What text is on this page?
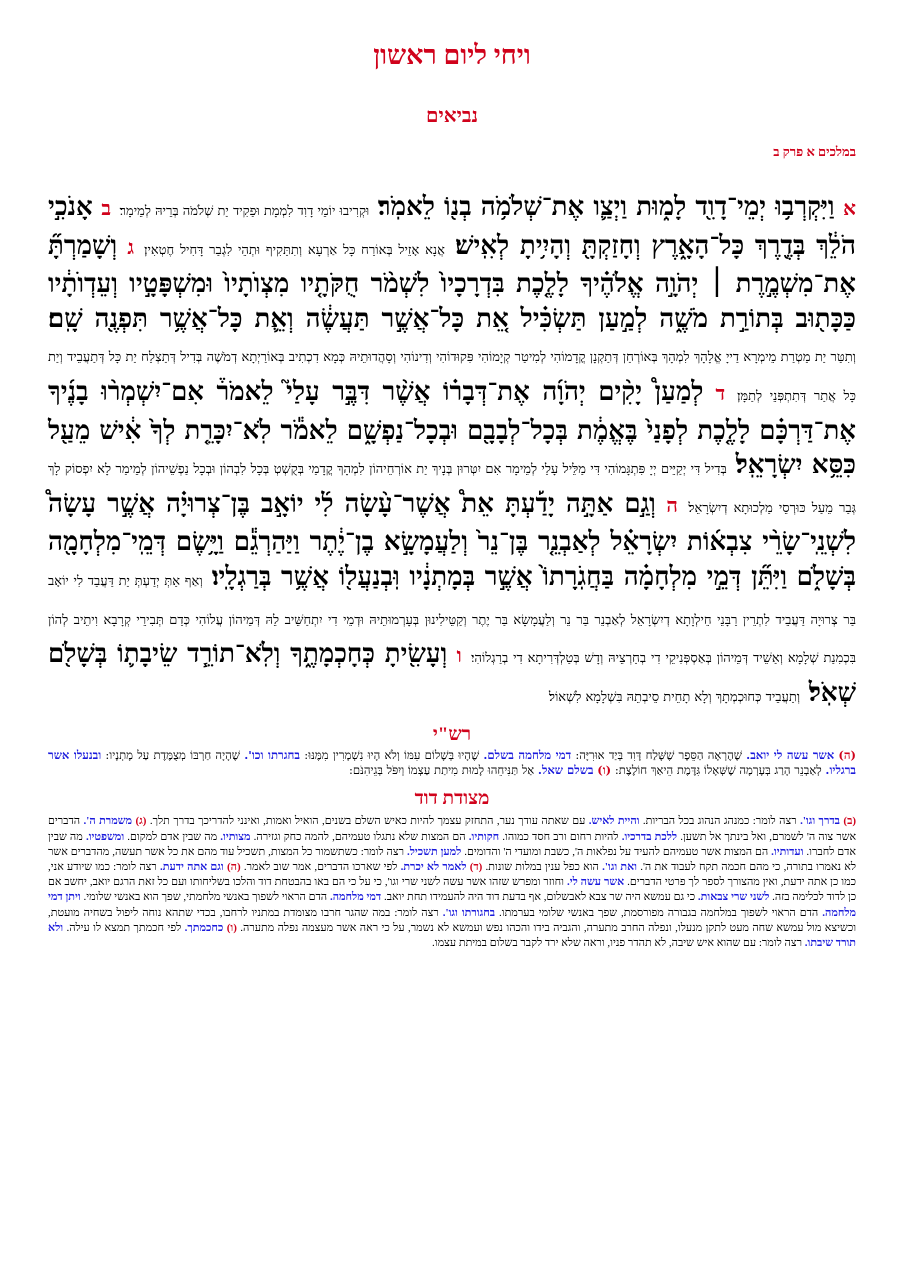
ויחי ליום ראשון
נביאים
במלכים א פרק ב
א וַיִּקְרְב֥וּ יְמֵי־דָוִ֖ד לָמ֑וּת וַיְצַ֛ו אֶת־שְׁלֹמֹ֥ה בְנ֖וֹ לֵאמֹֽר׃ וּקְרִיבוּ יוֹמֵי דָוִד לִמְמָת וּפַקִיד יַת שְׁלֹמֹה בְּרֵיהּ לְמֵימָר׃ ב אָנֹכִ֣י הֹלֵ֔ךְ בְּדֶ֖רֶךְ כָּל־הָאָ֑רֶץ וְחָזַקְתָּ֖ וְהָיִ֥יתָ לְאִֽישׁ׃ אֲנָא אָזֵיל בְּאוֹרַח כָּל אַרְעָא וְתִתַּקִיף וּתְהֵי לִגְבַר דָּחִיל חֶטְאִין׃ ג וְשָׁמַרְתָּ֞ אֶת־מִשְׁמֶ֣רֶת ׀ יְהֹוָ֣ה אֱלֹהֶ֗יךָ לָלֶ֤כֶת בִּדְרָכָיו֙ לִשְׁמֹ֨ר חֻקֹּתָ֤יו מִצְוֺתָיו֙ וּמִשְׁפָּטָ֣יו וְעֵדְוֺתָ֔יו כַּכָּת֖וּב בְּתוֹרַ֣ת מֹשֶׁ֑ה לְמַ֣עַן תַּשְׂכִּ֗יל אֵ֚ת כָּל־אֲשֶׁ֣ר תַּעֲשֶׂ֔ה וְאֵ֛ת כָּל־אֲשֶׁ֥ר תִּפְנֶ֖ה שָֽׁם׃ וְתִטַּר יַת מַטְרַת מֵימְרָא דַייָ אֱלָהָךְ לִמְהָךְ בְּאוֹרְחַן דְּתַקְנָן קֳדָמוֹהִי לְמִיטַר קְיָמוֹהִי פִּקוּדוֹהִי וְדִינוֹהִי וְסָהֲדוּתֵיהּ כְּמָא דִכְתִיב בְּאוֹרַיְתָא דְמֹשֶׁה בְּדִיל דְּתַצְלַח יַת כָּל דְּתַעֲבֵיד וְיַת כָּל אֲתַר דְּתִתְפְּנֵי לְתַמָּן׃ ד לְמַעַן֩ יָקִ֨ים יְהֹוָ֜ה אֶת־דְּבָר֗וֹ אֲשֶׁ֨ר דִּבֶּ֣ר עָלַי֮ לֵאמֹר֒ אִם־יִשְׁמְר֨וּ בָנֶ֜יךָ אֶת־דַּרְכָּ֗ם לָלֶ֤כֶת לְפָנַי֙ בֶּאֱמֶ֔ת בְּכָל־לְבָבָ֖ם וּבְכָל־נַפְשָׁ֑ם לֵאמֹ֕ר לֹֽא־יִכָּרֵ֤ת לְךָ֙ אִ֔ישׁ מֵעַ֖ל כִּסֵּ֥א יִשְׂרָאֵֽל׃ בְּדִיל דִּי יְקַיֵּים יְיָ פִּתְגָּמוֹהִי דִּי מַלֵּיל עָלַי לְמֵימָר אִם יִטְּרוּן בְּנָיךְ יַת אוֹרְחֵיהוֹן לִמְהָךְ קֳדָמַי בְּקֻשְׁטְ בְּכָל לִבְהוֹן וּבְכָל נַפְשֵׁיהוֹן לְמֵימַר לָא יִפְסוֹק לָךְ גְּבַר מֵעַל כּוּרְסֵי מַלְכוּתָא דְיִשְׂרָאֵל׃ ה וְגַ֣ם אַתָּ֣ה יָדַ֡עְתָּ אֵת֩ אֲשֶׁר־עָ֨שָׂה לִ֜י יוֹאָ֣ב בֶּן־צְרוּיָ֗ה אֲשֶׁ֣ר עָשָׂה֩ לִשְׁנֵֽי־שָׂרֵ֨י צִבְא֜וֹת יִשְׂרָאֵ֗ל לְאַבְנֵ֤ר בֶּן־נֵר֙ וְלַעֲמָשָׂ֣א בֶן־יֶ֔תֶר וַיַּהַרְגֵ֕ם וַיָּ֥שֶׂם דְּמֵֽי־מִלְחָמָ֖ה בְּשָׁלֹ֑ם וַיִּתֵּ֞ן דְּמֵ֣י מִלְחָמָ֗ה בַּחֲגֹֽרָתוֹ֙ אֲשֶׁ֣ר בְּמָתְנָ֔יו וּֽבְנַעֲל֖וֹ אֲשֶׁ֥ר בְּרַגְלָֽיו׃ וְאַף אַתְּ יְדַעְתְּ יַת דַּעֲבַד לִי יוֹאָב בַּר צְרוּיָה דַּעֲבֵיד לִתְרֵין רַבָּנֵי חֵילְוָתָא דְיִשְׂרָאֵל לְאַבְנֵר בַּר נֵר וְלַעֲמָשָׂא בַּר יֶתֶר וְקַטֵּילִינוּן בְּעָרְמוּתֵיהּ וּדְמֵי דִי יִתְחַשֵּׁיב לֵהּ דְּמֵיהוֹן עֲלוֹהִי כְּדַם תְּבִירֵי קְרָבָא וִיתֵיב לְהוֹן בִּכְמִנַת שְׁלָמָא וְאַשֵׁיד דְּמֵיהוֹן בְּאַסְפְּנִיקֵי דִי בְחַרְצֵיהּ וְדָשׁ בְּטַלְדְּרִיתָא דִי בְרַגְלוֹהִי׃ ו וְעָשִׂ֖יתָ כְּחָכְמָתֶ֑ךָ וְלֹֽא־תוֹרֵ֧ד שֵׂיבָת֛וֹ בְּשָׁלֹ֖ם שְׁאֹֽל׃ וְתַעֲבֵיד כְּחוּכְמְתָךְ וְלָא תָחֵית סֵיבְתֵהּ בִּשְׁלָמָא לִשְׁאוֹל׃
רש"י
(ה) אשר עשה לי יואב. שֶׁהֶרְאָה הַסֵּפֶר שֶׁשָּׁלַח דָּוִד בְּיַד אוּרִיָּה: דמי מלחמה בשלם. שֶׁהָיוּ בְּשָׁלוֹם עִמּוֹ וְלֹא הָיוּ נִשְׁמָרִין מִמֶּנּוּ: בחגרתו וכו'. שֶׁהָיָה חַרְבּוֹ מְצֻמֶּדֶת עַל מָתְנָיו: ובנעלו אשר ברגליו. לְאַבְנֵר הָרַג בְּעָרְמָה שֶׁשְּׁאָלוֹ גִּדֶּמֶת הֵיאַךְ חוֹלֶצֶת: (ו) בשלם שאל. אַל תַּנִּיחֵהוּ לָמוּת מִיתַת עַצְמוֹ וְיִפֹּל בְּגֵיהִנֹּם:
מצודת דוד
(ב) בדרך וגו'. רצה לומר: כמנהג הנהוג בכל הבריות. והיית לאיש. עם שאתה עודך נער, התחזק עצמך להיות כאיש השלם בשנים, הואיל ואמות, ואינני להדריכך בדרך תלך. (ג) משמרת ה'. הדברים אשר צוה ה' לשמרם, ואל בינתך אל תשען. ללכת בדרכיו. להיות רחום ורב חסד כמוהו. חקותיו. הם המצות שלא נתגלו טעמיהם, להמה כחק וגזירה. מצותיו. מה שבין אדם למקום. ומשפטיו. מה שבין אדם לחברו. ועדותיו. הם המצות אשר טעמיהם להעיד על נפלאות ה', כשבת ומועדי ה' והדומים. למען תשכיל. רצה לומר: כשתשמור כל המצות, תשכיל עוד מהם את כל אשר תעשה, מהדברים אשר לא נאמרו בתורה, כי מהם חכמה תקח לעבוד את ה'. ואת וגו'. הוא כפל ענין במלות שונות. (ד) לאמר לא יכרת. לפי שארכו הדברים, אמר שוב לאמר. (ה) וגם אתה ידעת. רצה לומר: כמו שיודע אני, כמו כן אתה ידעת, ואין מהצורך לספר לך פרטי הדברים. אשר עשה לי. וחוזר ומפרש שזהו אשר עשה לשני שרי וגו', כי על כי הם באו בהבטחת דוד והלכו בשליחותו ועם כל זאת הרגם יואב, יחשב אם כן לדוד לכלימה בזה. לשני שרי צבאות. כי גם עמשא היה שר צבא לאבשלום, אף בדעת דוד היה להעמידו תחת יואב. דמי מלחמה. הדם הראוי לשפוך באנשי מלחמתי, שפך הוא באנשי שלומי. ויתן דמי מלחמה. הדם הראוי לשפוך במלחמה בגבורה מפורסמת, שפך באנשי שלומי בערמתו. בחגורתו וגו'. רצה לומר: במה שהגר חרבו מצומדת במתניו לרחבו, בכדי שתהא נוחה ליפול בשחיה מועטת, וכשיצא מול עמשא שחה מעט לתקן מנעלו, ונפלה החרב מתערה, והגביה בידו והכהו נפש ועמשא לא נשמר, על כי ראה אשר מעצמה נפלה מתערה. (ו) כחכמתך. לפי חכמתך תמצא לו עילה. ולא תורד שיבתו. רצה לומר: עם שהוא איש שיבה, לא תהדר פניו, וראה שלא ירד לקבר בשלום במיתת עצמו.
